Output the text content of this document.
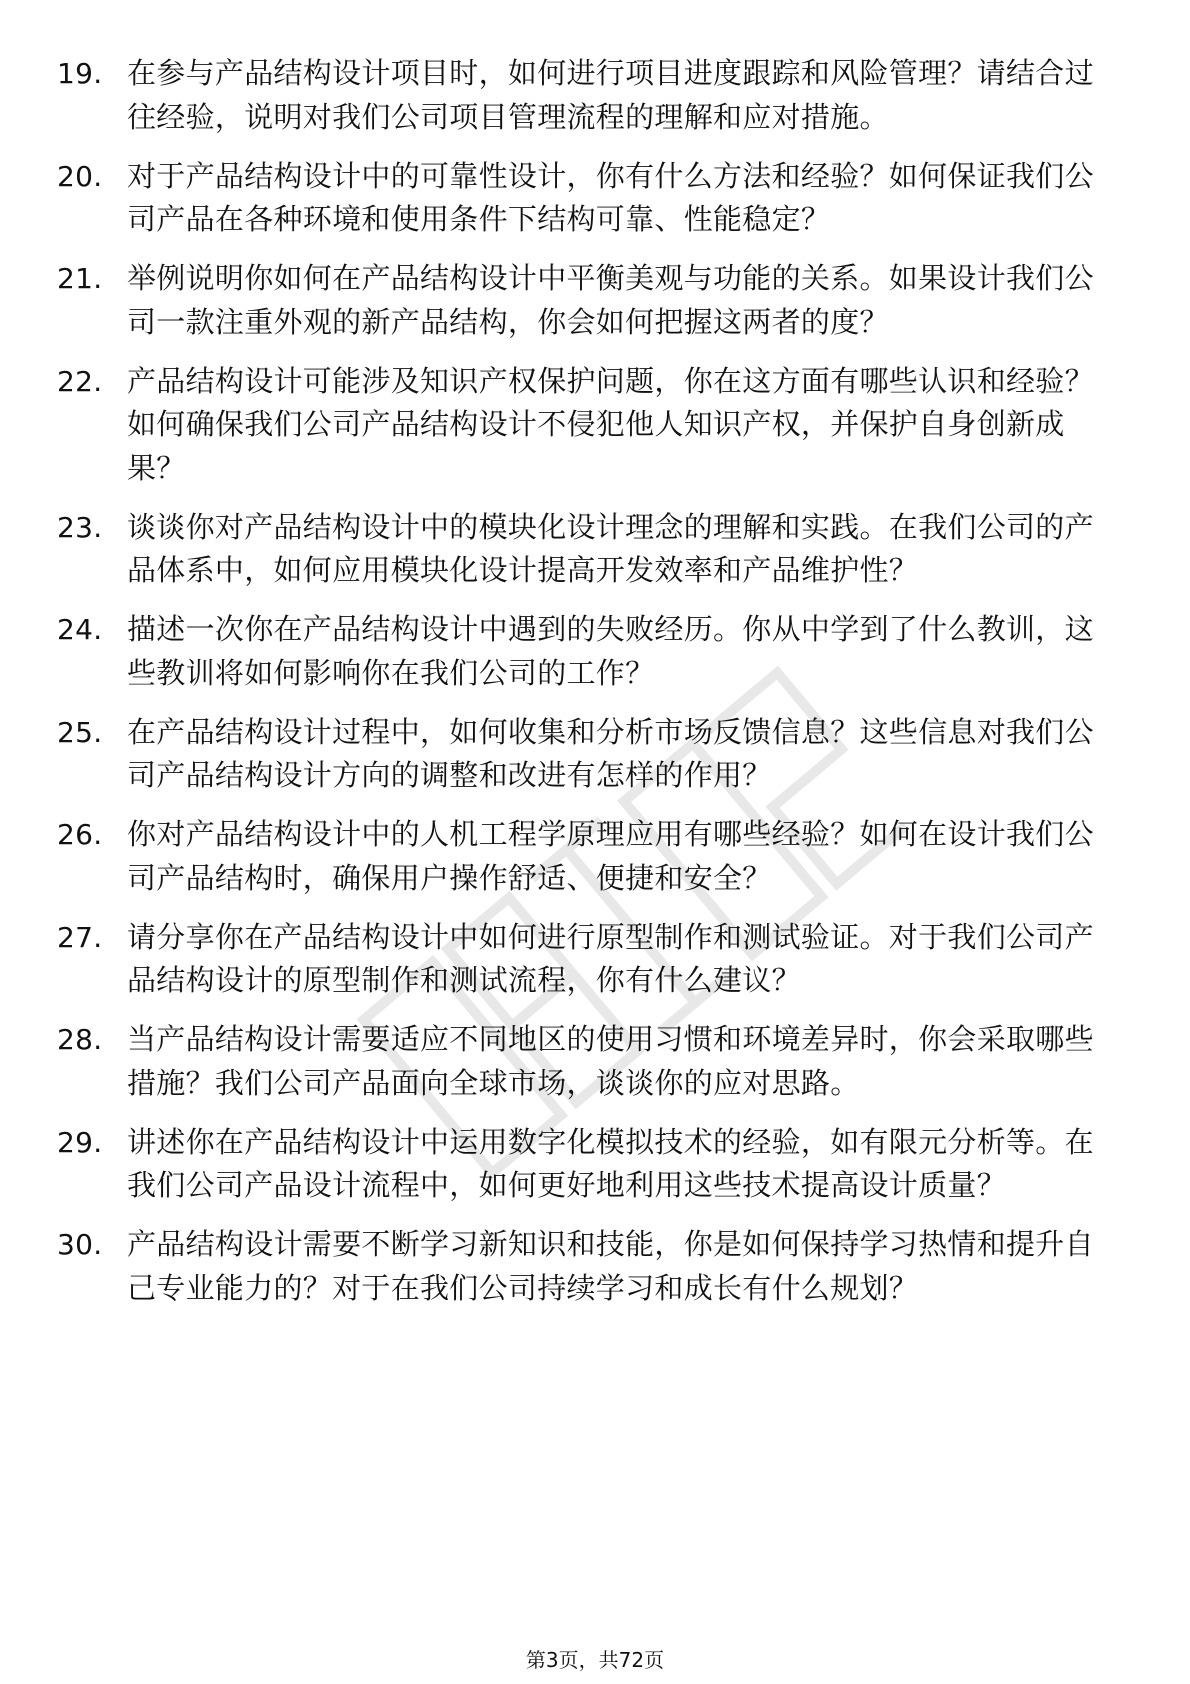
19. 在参与产品结构设计项目时，如何进行项目进度跟踪和风险管理？请结合过往经验，说明对我们公司项目管理流程的理解和应对措施。
20. 对于产品结构设计中的可靠性设计，你有什么方法和经验？如何保证我们公司产品在各种环境和使用条件下结构可靠、性能稳定？
21. 举例说明你如何在产品结构设计中平衡美观与功能的关系。如果设计我们公司一款注重外观的新产品结构，你会如何把握这两者的度？
22. 产品结构设计可能涉及知识产权保护问题，你在这方面有哪些认识和经验？如何确保我们公司产品结构设计不侵犯他人知识产权，并保护自身创新成果？
23. 谈谈你对产品结构设计中的模块化设计理念的理解和实践。在我们公司的产品体系中，如何应用模块化设计提高开发效率和产品维护性？
24. 描述一次你在产品结构设计中遇到的失败经历。你从中学到了什么教训，这些教训将如何影响你在我们公司的工作？
25. 在产品结构设计过程中，如何收集和分析市场反馈信息？这些信息对我们公司产品结构设计方向的调整和改进有怎样的作用？
26. 你对产品结构设计中的人机工程学原理应用有哪些经验？如何在设计我们公司产品结构时，确保用户操作舒适、便捷和安全？
27. 请分享你在产品结构设计中如何进行原型制作和测试验证。对于我们公司产品结构设计的原型制作和测试流程，你有什么建议？
28. 当产品结构设计需要适应不同地区的使用习惯和环境差异时，你会采取哪些措施？我们公司产品面向全球市场，谈谈你的应对思路。
29. 讲述你在产品结构设计中运用数字化模拟技术的经验，如有限元分析等。在我们公司产品设计流程中，如何更好地利用这些技术提高设计质量？
30. 产品结构设计需要不断学习新知识和技能，你是如何保持学习热情和提升自己专业能力的？对于在我们公司持续学习和成长有什么规划？
第3页，共72页
